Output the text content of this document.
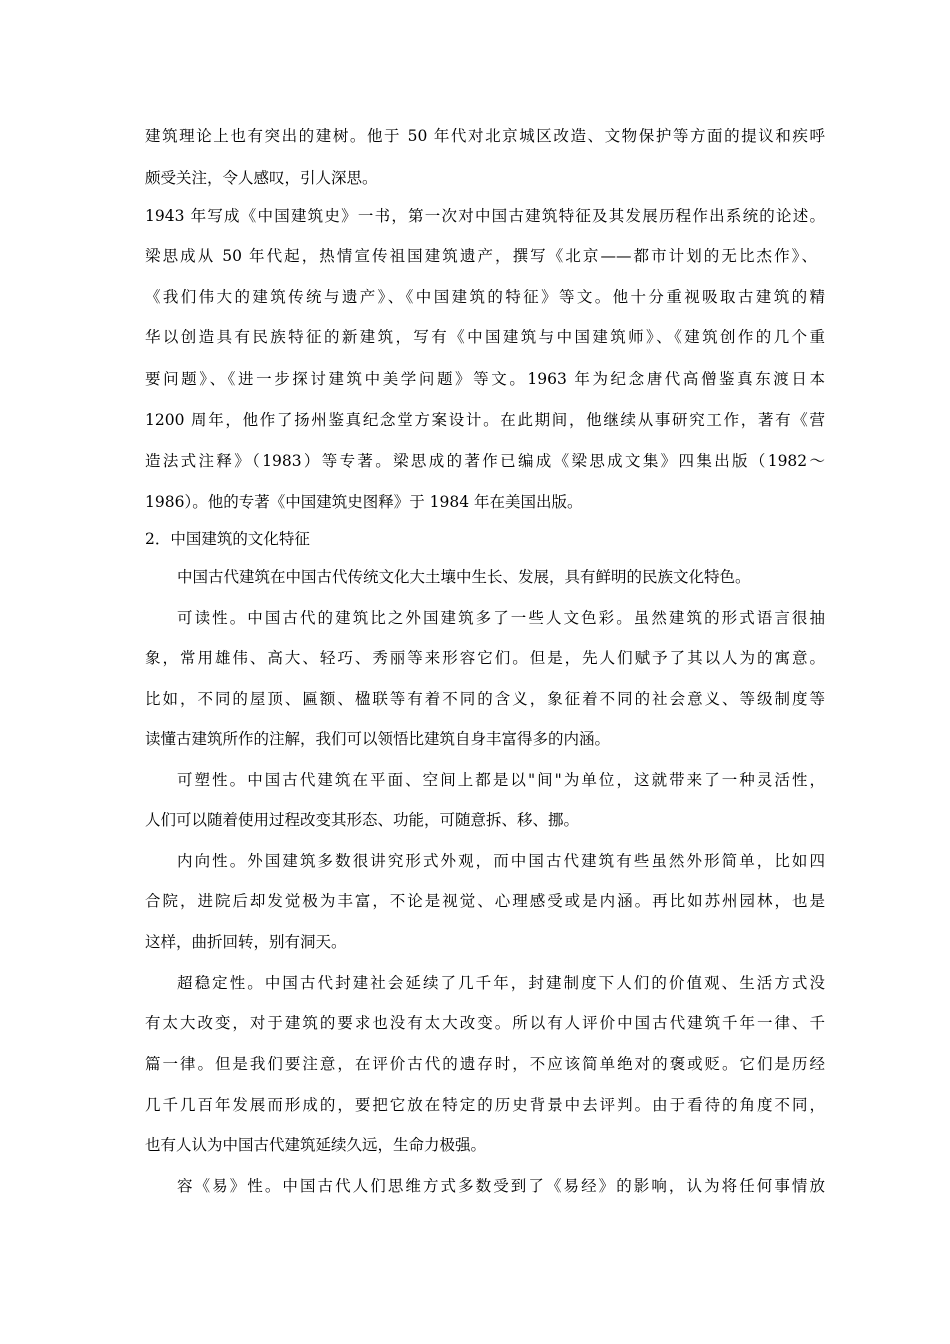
建筑理论上也有突出的建树。他于 50 年代对北京城区改造、文物保护等方面的提议和疾呼
颇受关注，令人感叹，引人深思。
1943 年写成《中国建筑史》一书，第一次对中国古建筑特征及其发展历程作出系统的论述。
梁思成从 50 年代起，热情宣传祖国建筑遗产，撰写《北京——都市计划的无比杰作》、
《我们伟大的建筑传统与遗产》、《中国建筑的特征》等文。他十分重视吸取古建筑的精
华以创造具有民族特征的新建筑，写有《中国建筑与中国建筑师》、《建筑创作的几个重
要问题》、《进一步探讨建筑中美学问题》等文。1963 年为纪念唐代高僧鉴真东渡日本
1200 周年，他作了扬州鉴真纪念堂方案设计。在此期间，他继续从事研究工作，著有《营
造法式注释》（1983）等专著。梁思成的著作已编成《梁思成文集》四集出版（1982～
1986）。他的专著《中国建筑史图释》于 1984 年在美国出版。
2．中国建筑的文化特征
中国古代建筑在中国古代传统文化大土壤中生长、发展，具有鲜明的民族文化特色。
可读性。中国古代的建筑比之外国建筑多了一些人文色彩。虽然建筑的形式语言很抽
象，常用雄伟、高大、轻巧、秀丽等来形容它们。但是，先人们赋予了其以人为的寓意。
比如，不同的屋顶、匾额、楹联等有着不同的含义，象征着不同的社会意义、等级制度等
读懂古建筑所作的注解，我们可以领悟比建筑自身丰富得多的内涵。
可塑性。中国古代建筑在平面、空间上都是以"间"为单位，这就带来了一种灵活性，
人们可以随着使用过程改变其形态、功能，可随意拆、移、挪。
内向性。外国建筑多数很讲究形式外观，而中国古代建筑有些虽然外形简单，比如四
合院，进院后却发觉极为丰富，不论是视觉、心理感受或是内涵。再比如苏州园林，也是
这样，曲折回转，别有洞天。
超稳定性。中国古代封建社会延续了几千年，封建制度下人们的价值观、生活方式没
有太大改变，对于建筑的要求也没有太大改变。所以有人评价中国古代建筑千年一律、千
篇一律。但是我们要注意，在评价古代的遗存时，不应该简单绝对的褒或贬。它们是历经
几千几百年发展而形成的，要把它放在特定的历史背景中去评判。由于看待的角度不同，
也有人认为中国古代建筑延续久远，生命力极强。
容《易》性。中国古代人们思维方式多数受到了《易经》的影响，认为将任何事情放
